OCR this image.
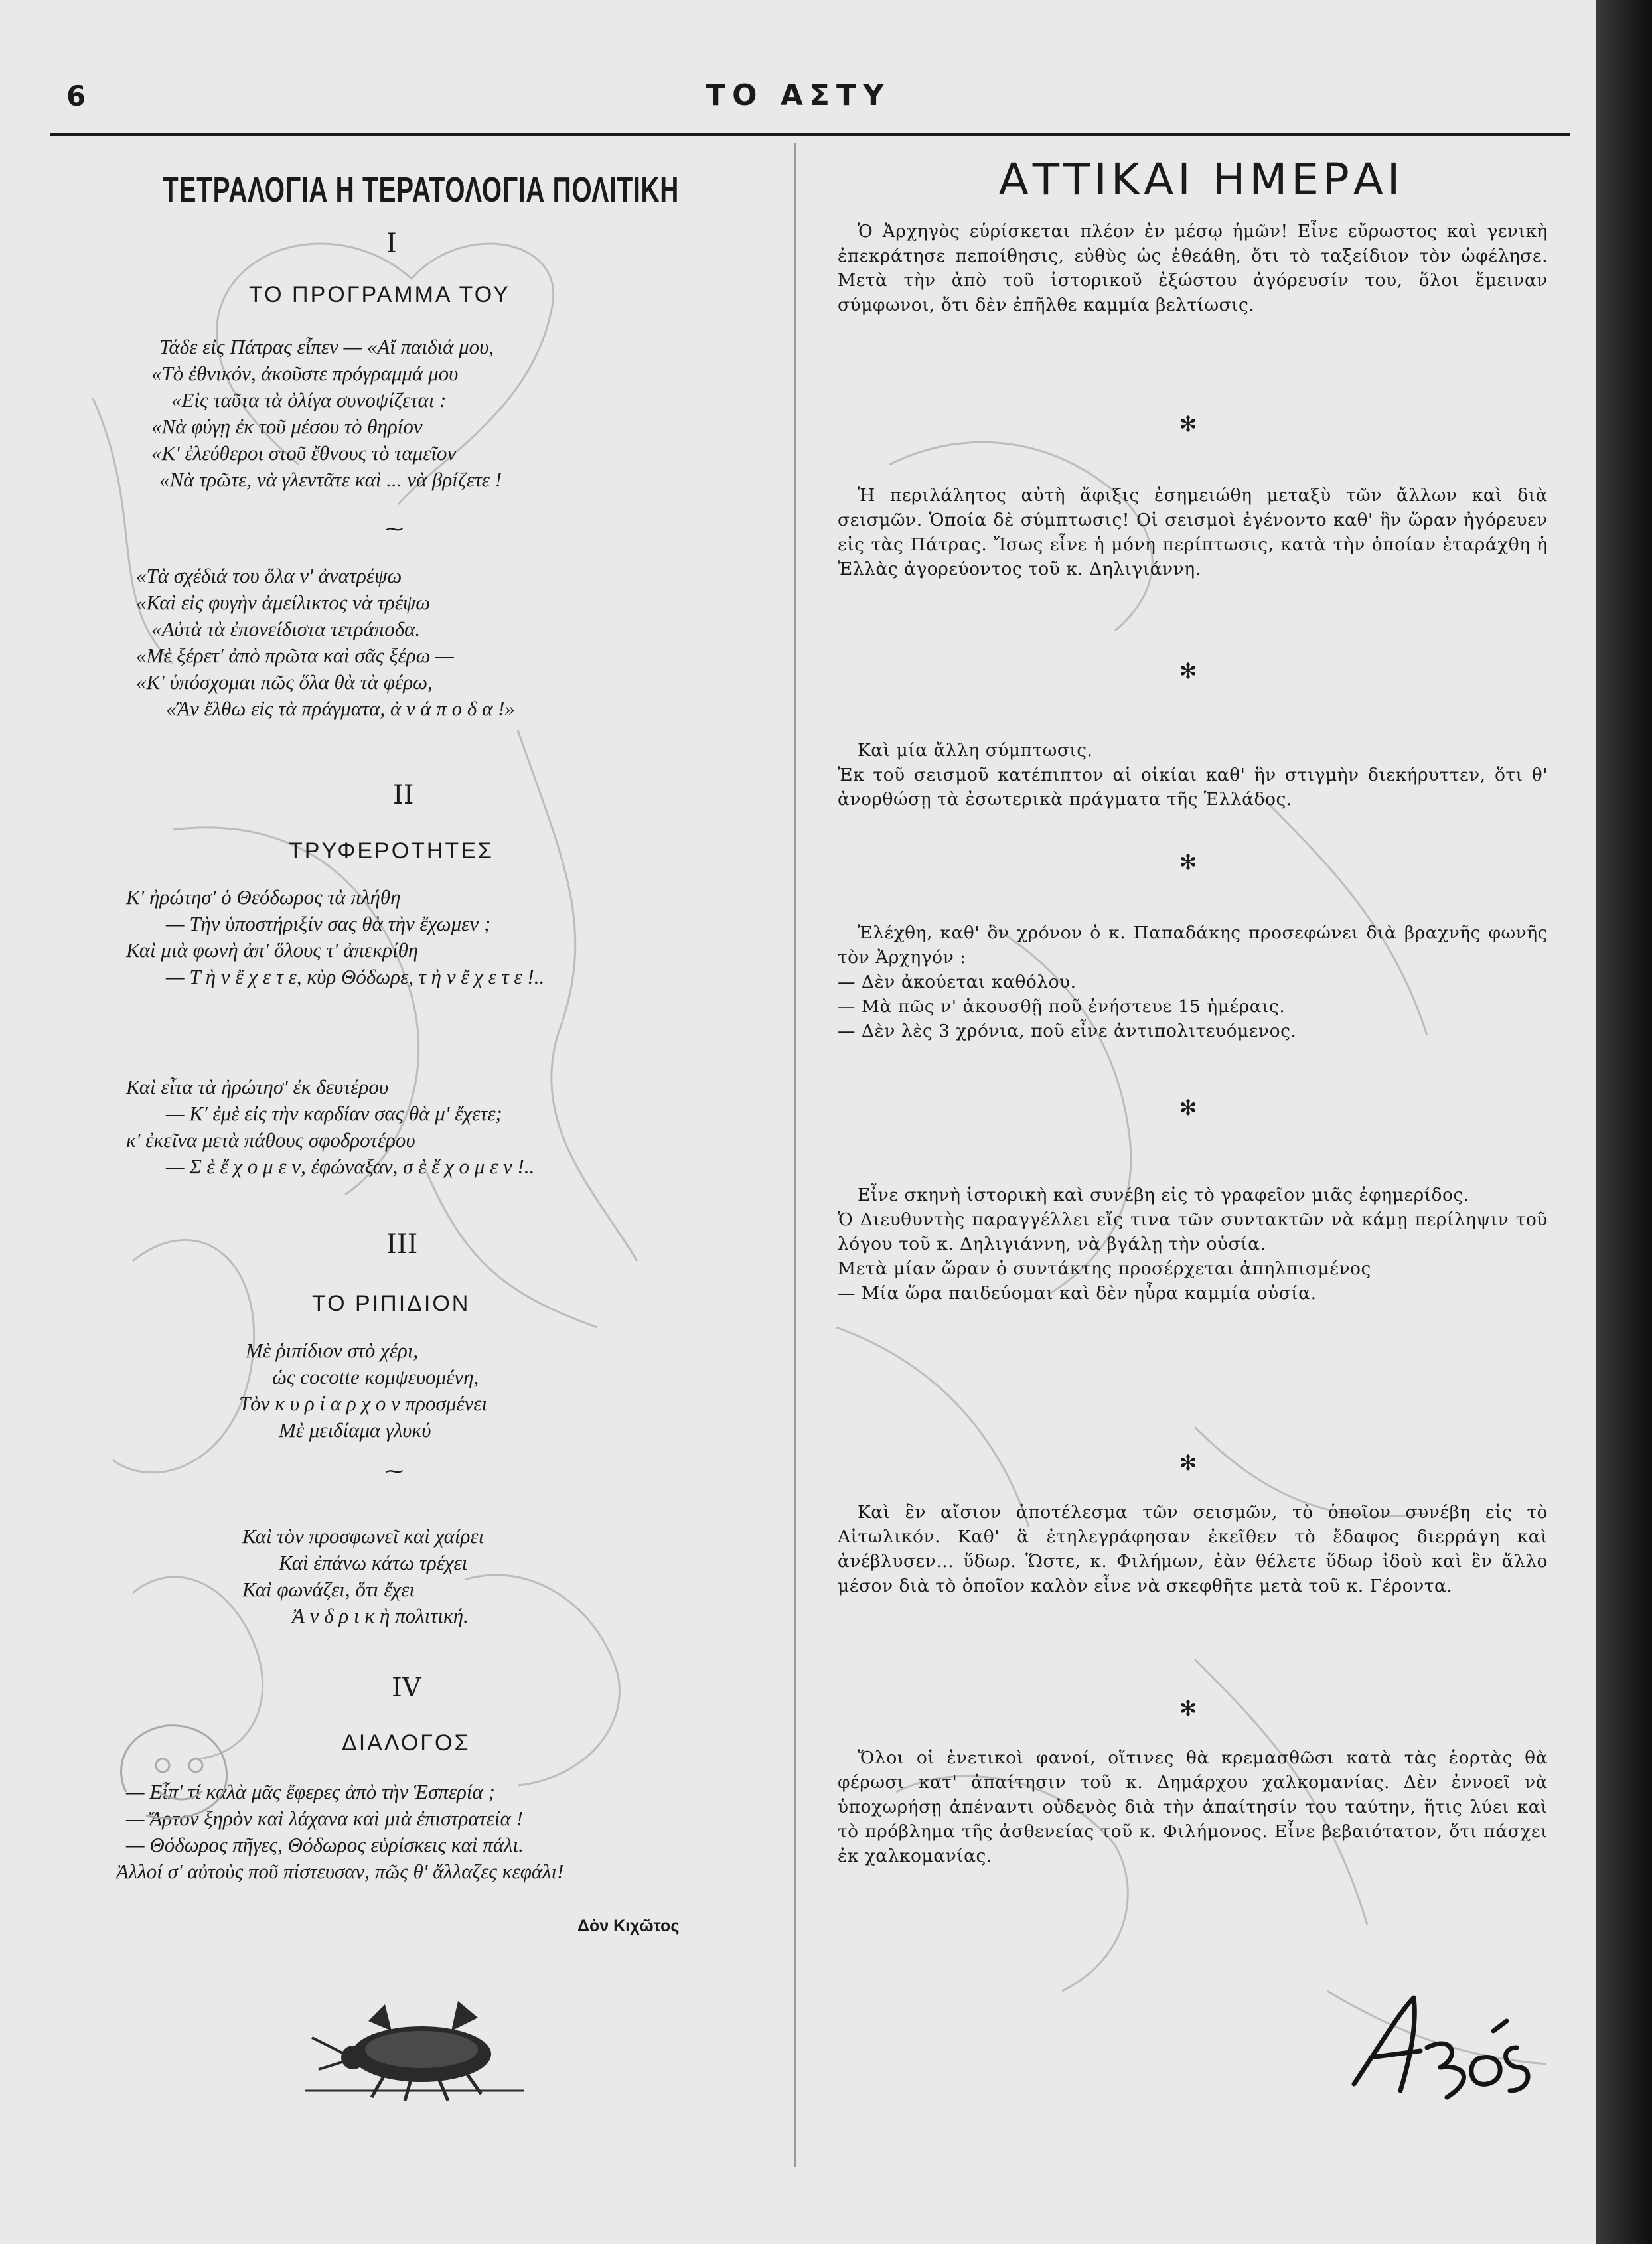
6	ΤΟ ΑΣΤΥ
ΤΕΤΡΑΛΟΓΙΑ Η ΤΕΡΑΤΟΛΟΓΙΑ ΠΟΛΙΤΙΚΗ
Ι
ΤΟ ΠΡΟΓΡΑΜΜΑ ΤΟΥ
Τάδε εἰς Πάτρας εἶπεν — «Αἴ παιδιά μου,
«Τὸ ἐθνικόν, ἀκοῦστε πρόγραμμά μου
«Εἰς ταῦτα τὰ ὀλίγα συνοψίζεται :
«Νὰ φύγῃ ἐκ τοῦ μέσου τὸ θηρίον
«Κ' ἐλεύθεροι στοῦ ἔθνους τὸ ταμεῖον
«Νὰ τρῶτε, νὰ γλεντᾶτε καὶ ... νὰ βρίζετε !
⁓
«Τὰ σχέδιά του ὅλα ν' ἀνατρέψω
«Καὶ εἰς φυγὴν ἀμείλικτος νὰ τρέψω
«Αὐτὰ τὰ ἐπονείδιστα τετράποδα.
«Μὲ ξέρετ' ἀπὸ πρῶτα καὶ σᾶς ξέρω —
«Κ' ὑπόσχομαι πῶς ὅλα θὰ τὰ φέρω,
«Ἂν ἔλθω εἰς τὰ πράγματα, ἀ ν ά π ο δ α !»
ΙΙ
ΤΡΥΦΕΡΟΤΗΤΕΣ
Κ' ἠρώτησ' ὁ Θεόδωρος τὰ πλήθη
— Τὴν ὑποστήριξίν σας θὰ τὴν ἔχωμεν ;
Καὶ μιὰ φωνὴ ἀπ' ὅλους τ' ἀπεκρίθη
— Τ ὴ ν ἔ χ ε τ ε, κὺρ Θόδωρε, τ ὴ ν ἔ χ ε τ ε !..
Καὶ εἶτα τὰ ἠρώτησ' ἐκ δευτέρου
— Κ' ἐμὲ εἰς τὴν καρδίαν σας θὰ μ' ἔχετε;
κ' ἐκεῖνα μετὰ πάθους σφοδροτέρου
— Σ ὲ ἔ χ ο μ ε ν, ἐφώναξαν, σ ὲ ἔ χ ο μ ε ν !..
ΙΙΙ
ΤΟ ΡΙΠΙΔΙΟΝ
Μὲ ῥιπίδιον στὸ χέρι,
ὡς cocotte κομψευομένη,
Τὸν κ υ ρ ί α ρ χ ο ν προσμένει
Μὲ μειδίαμα γλυκύ
⁓
Καὶ τὸν προσφωνεῖ καὶ χαίρει
Καὶ ἐπάνω κάτω τρέχει
Καὶ φωνάζει, ὅτι ἔχει
Ἀ ν δ ρ ι κ ὴ πολιτική.
ΙV
ΔΙΑΛΟΓΟΣ
— Εἶπ' τί καλὰ μᾶς ἔφερες ἀπὸ τὴν Ἑσπερία ;
— Ἄρτον ξηρὸν καὶ λάχανα καὶ μιὰ ἐπιστρατεία !
— Θόδωρος πῆγες, Θόδωρος εὑρίσκεις καὶ πάλι.
Ἀλλοί σ' αὐτοὺς ποῦ πίστευσαν, πῶς θ' ἄλλαζες κεφάλι!
Δὸν Κιχῶτος
ΑΤΤΙΚΑΙ ΗΜΕΡΑΙ

Ὁ Ἀρχηγὸς εὑρίσκεται πλέον ἐν μέσῳ ἡμῶν! Εἶνε εὔρωστος καὶ γενικὴ ἐπεκράτησε πεποίθησις, εὐθὺς ὡς ἐθεάθη, ὅτι τὸ ταξείδιον τὸν ὠφέλησε. Μετὰ τὴν ἀπὸ τοῦ ἱστορικοῦ ἐξώστου ἀγόρευσίν του, ὅλοι ἔμειναν σύμφωνοι, ὅτι δὲν ἐπῆλθε καμμία βελτίωσις.

✻

Ἡ περιλάλητος αὐτὴ ἄφιξις ἐσημειώθη μεταξὺ τῶν ἄλλων καὶ διὰ σεισμῶν. Ὁποία δὲ σύμπτωσις! Οἱ σεισμοὶ ἐγένοντο καθ' ἣν ὥραν ἠγόρευεν εἰς τὰς Πάτρας. Ἴσως εἶνε ἡ μόνη περίπτωσις, κατὰ τὴν ὁποίαν ἐταράχθη ἡ Ἑλλὰς ἀγορεύοντος τοῦ κ. Δηλιγιάννη.

✻

Καὶ μία ἄλλη σύμπτωσις.
Ἐκ τοῦ σεισμοῦ κατέπιπτον αἱ οἰκίαι καθ' ἣν στιγμὴν διεκήρυττεν, ὅτι θ' ἀνορθώσῃ τὰ ἐσωτερικὰ πράγματα τῆς Ἑλλάδος.

✻

Ἐλέχθη, καθ' ὃν χρόνον ὁ κ. Παπαδάκης προσεφώνει διὰ βραχνῆς φωνῆς τὸν Ἀρχηγόν :
— Δὲν ἀκούεται καθόλου.
— Μὰ πῶς ν' ἀκουσθῇ ποῦ ἐνήστευε 15 ἡμέραις.
— Δὲν λὲς 3 χρόνια, ποῦ εἶνε ἀντιπολιτευόμενος.

✻

Εἶνε σκηνὴ ἱστορικὴ καὶ συνέβη εἰς τὸ γραφεῖον μιᾶς ἐφημερίδος.
Ὁ Διευθυντὴς παραγγέλλει εἴς τινα τῶν συντακτῶν νὰ κάμῃ περίληψιν τοῦ λόγου τοῦ κ. Δηλιγιάννη, νὰ βγάλῃ τὴν οὐσία.
Μετὰ μίαν ὥραν ὁ συντάκτης προσέρχεται ἀπηλπισμένος
— Μία ὥρα παιδεύομαι καὶ δὲν ηὗρα καμμία οὐσία.

✻

Καὶ ἓν αἴσιον ἀποτέλεσμα τῶν σεισμῶν, τὸ ὁποῖον συνέβη εἰς τὸ Αἰτωλικόν. Καθ' ἃ ἐτηλεγράφησαν ἐκεῖθεν τὸ ἔδαφος διερράγη καὶ ἀνέβλυσεν... ὕδωρ. Ὥστε, κ. Φιλήμων, ἐὰν θέλετε ὕδωρ ἰδοὺ καὶ ἓν ἄλλο μέσον διὰ τὸ ὁποῖον καλὸν εἶνε νὰ σκεφθῆτε μετὰ τοῦ κ. Γέροντα.

✻

Ὅλοι οἱ ἑνετικοὶ φανοί, οἵτινες θὰ κρεμασθῶσι κατὰ τὰς ἑορτὰς θὰ φέρωσι κατ' ἀπαίτησιν τοῦ κ. Δημάρχου χαλκομανίας. Δὲν ἐννοεῖ νὰ ὑποχωρήσῃ ἀπέναντι οὐδενὸς διὰ τὴν ἀπαίτησίν του ταύτην, ἥτις λύει καὶ τὸ πρόβλημα τῆς ἀσθενείας τοῦ κ. Φιλήμονος. Εἶνε βεβαιότατον, ὅτι πάσχει ἐκ χαλκομανίας.
